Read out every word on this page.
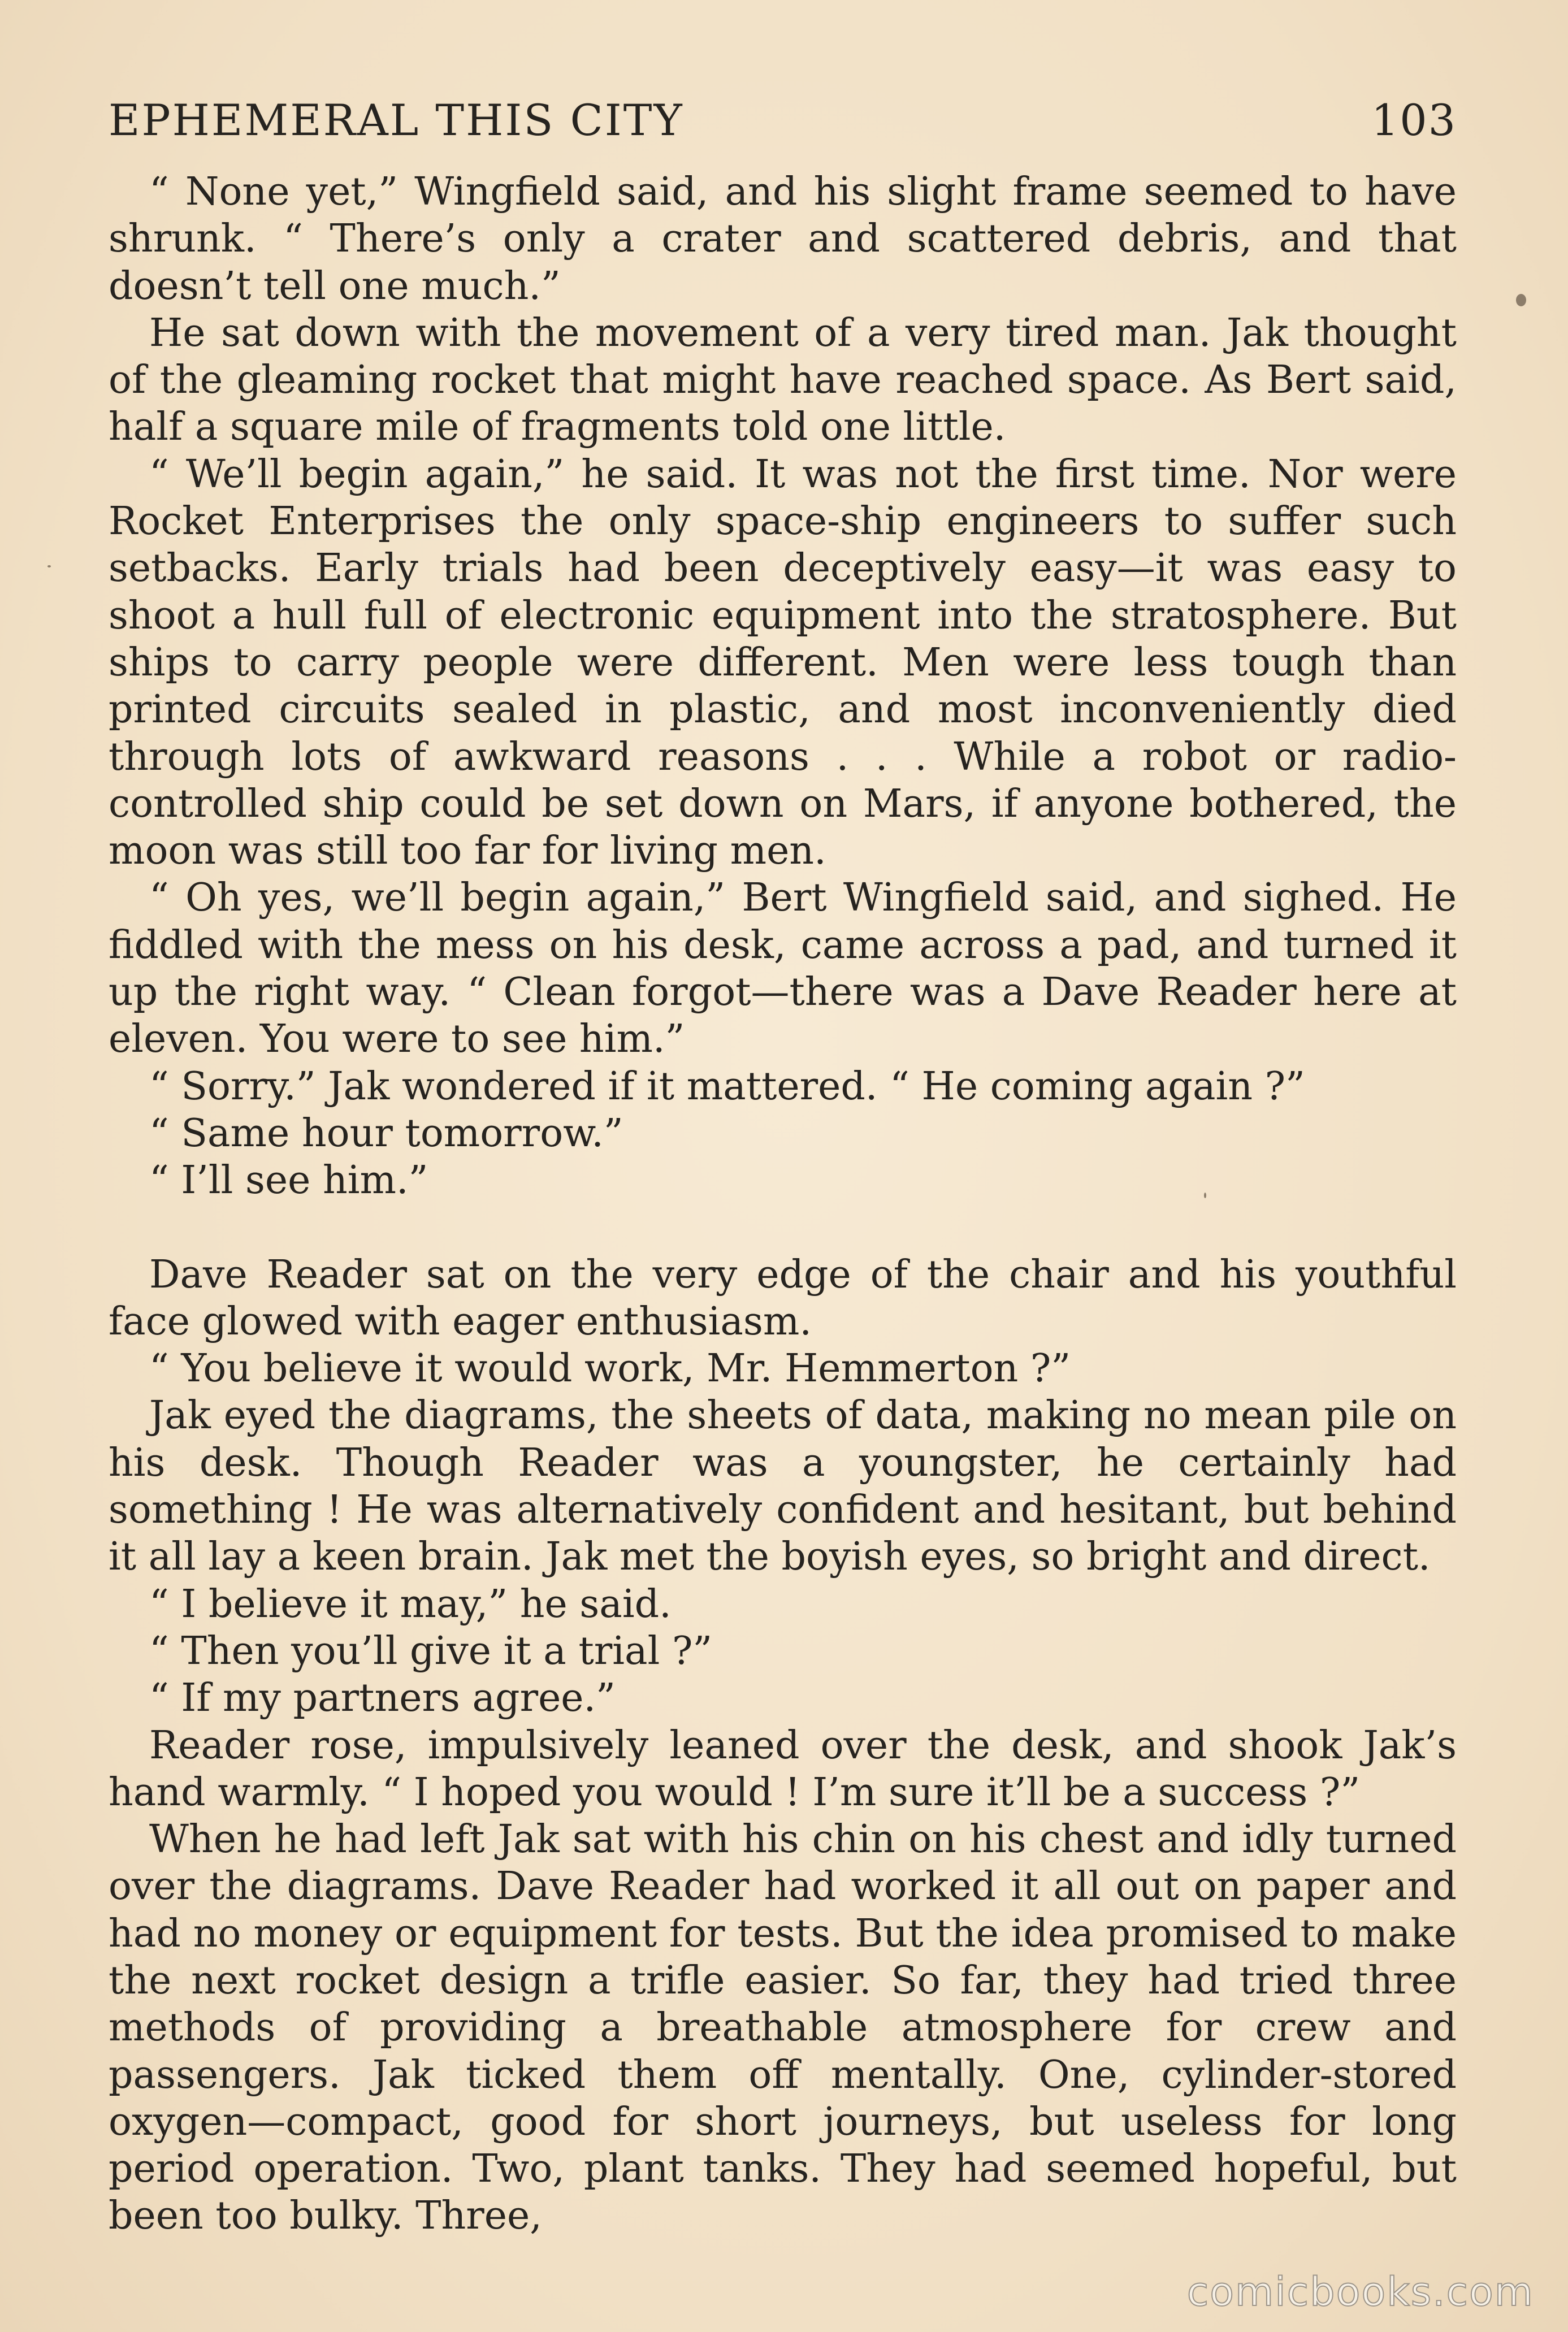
EPHEMERAL THIS CITY	103

“ None yet,” Wingfield said, and his slight frame seemed to have shrunk. “ There’s only a crater and scattered debris, and that doesn’t tell one much.”

He sat down with the movement of a very tired man. Jak thought of the gleaming rocket that might have reached space. As Bert said, half a square mile of fragments told one little.

“ We’ll begin again,” he said. It was not the first time. Nor were Rocket Enterprises the only space-ship engineers to suffer such setbacks. Early trials had been deceptively easy—it was easy to shoot a hull full of electronic equipment into the stratosphere. But ships to carry people were different. Men were less tough than printed circuits sealed in plastic, and most inconveniently died through lots of awkward reasons . . . While a robot or radio-controlled ship could be set down on Mars, if anyone bothered, the moon was still too far for living men.

“ Oh yes, we’ll begin again,” Bert Wingfield said, and sighed. He fiddled with the mess on his desk, came across a pad, and turned it up the right way. “ Clean forgot—there was a Dave Reader here at eleven. You were to see him.”

“ Sorry.” Jak wondered if it mattered. “ He coming again ?”

“ Same hour tomorrow.”

“ I’ll see him.”

Dave Reader sat on the very edge of the chair and his youthful face glowed with eager enthusiasm.

“ You believe it would work, Mr. Hemmerton ?”

Jak eyed the diagrams, the sheets of data, making no mean pile on his desk. Though Reader was a youngster, he certainly had something ! He was alternatively confident and hesitant, but behind it all lay a keen brain. Jak met the boyish eyes, so bright and direct.

“ I believe it may,” he said.

“ Then you’ll give it a trial ?”

“ If my partners agree.”

Reader rose, impulsively leaned over the desk, and shook Jak’s hand warmly. “ I hoped you would ! I’m sure it’ll be a success ?”

When he had left Jak sat with his chin on his chest and idly turned over the diagrams. Dave Reader had worked it all out on paper and had no money or equipment for tests. But the idea promised to make the next rocket design a trifle easier. So far, they had tried three methods of providing a breathable atmosphere for crew and passengers. Jak ticked them off mentally. One, cylinder-stored oxygen—compact, good for short journeys, but useless for long period operation. Two, plant tanks. They had seemed hopeful, but been too bulky. Three,

comicbooks.com
